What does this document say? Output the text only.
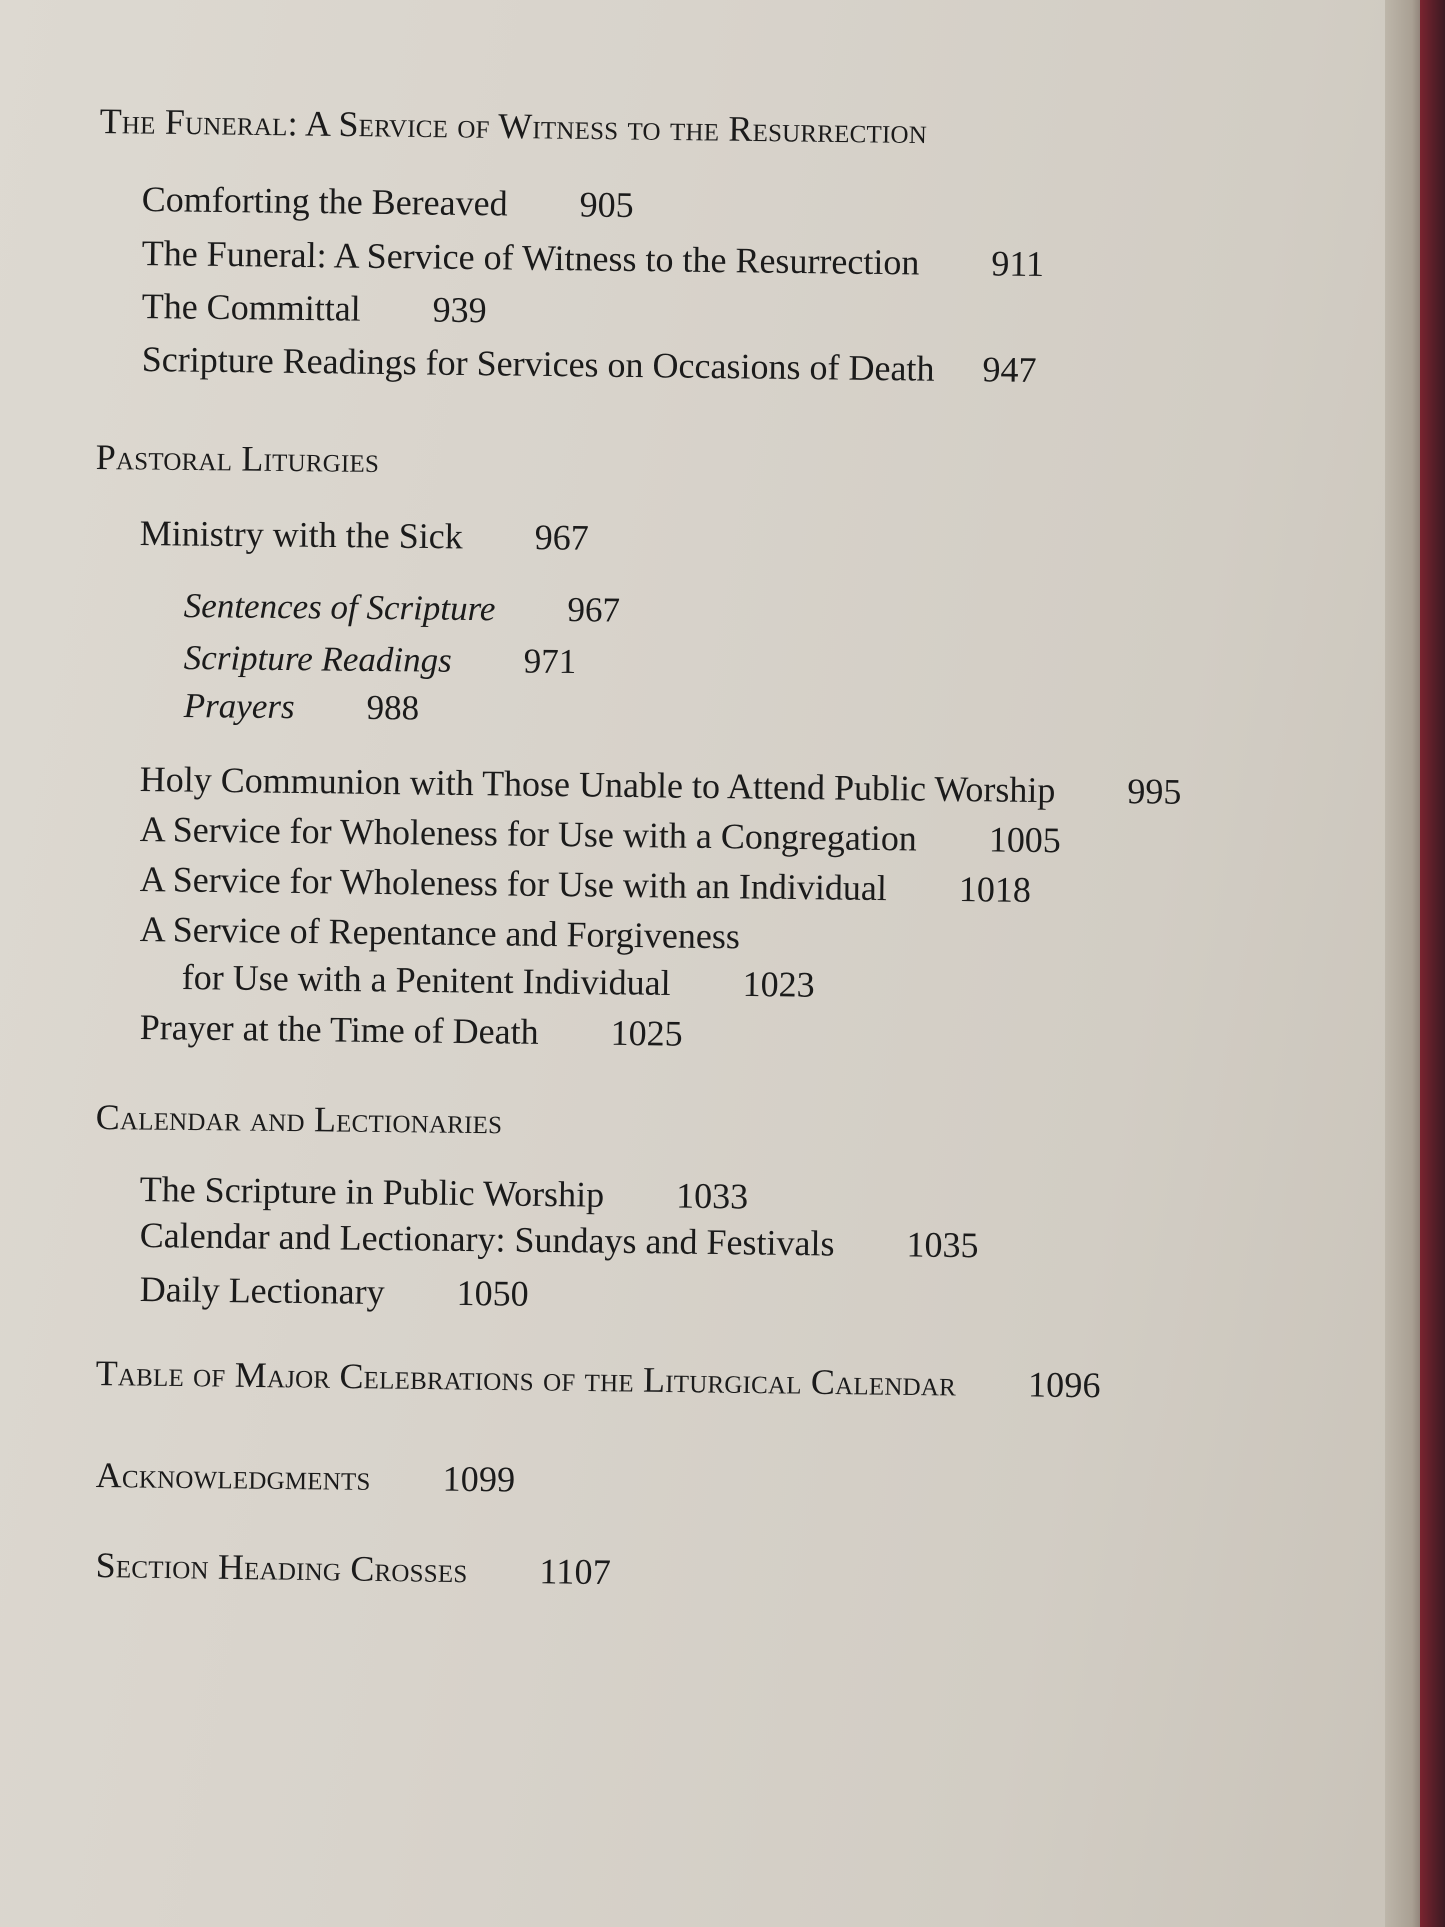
The Funeral: A Service of Witness to the Resurrection
Comforting the Bereaved 905
The Funeral: A Service of Witness to the Resurrection 911
The Committal 939
Scripture Readings for Services on Occasions of Death 947
Pastoral Liturgies
Ministry with the Sick 967
Sentences of Scripture 967
Scripture Readings 971
Prayers 988
Holy Communion with Those Unable to Attend Public Worship 995
A Service for Wholeness for Use with a Congregation 1005
A Service for Wholeness for Use with an Individual 1018
A Service of Repentance and Forgiveness
for Use with a Penitent Individual 1023
Prayer at the Time of Death 1025
Calendar and Lectionaries
The Scripture in Public Worship 1033
Calendar and Lectionary: Sundays and Festivals 1035
Daily Lectionary 1050
Table of Major Celebrations of the Liturgical Calendar 1096
Acknowledgments 1099
Section Heading Crosses 1107
